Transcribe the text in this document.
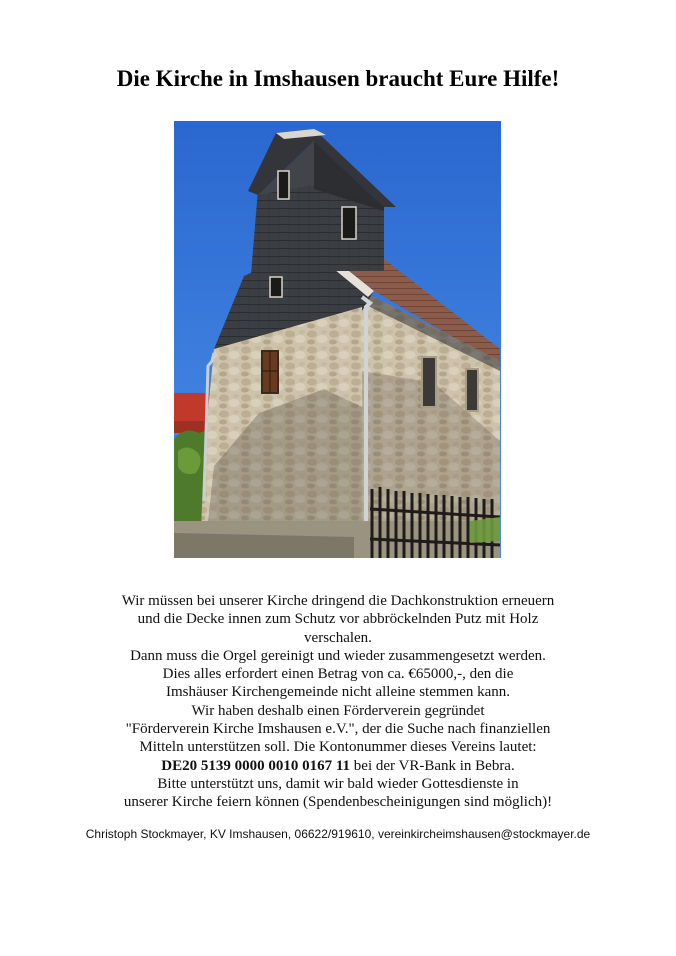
Die Kirche in Imshausen braucht Eure Hilfe!
Wir müssen bei unserer Kirche dringend die Dachkonstruktion erneuern
und die Decke innen zum Schutz vor abbröckelnden Putz mit Holz
verschalen.
Dann muss die Orgel gereinigt und wieder zusammengesetzt werden.
Dies alles erfordert einen Betrag von ca. €65000,-, den die
Imshäuser Kirchengemeinde nicht alleine stemmen kann.
Wir haben deshalb einen Förderverein gegründet
"Förderverein Kirche Imshausen e.V.", der die Suche nach finanziellen
Mitteln unterstützen soll. Die Kontonummer dieses Vereins lautet:
DE20 5139 0000 0010 0167 11 bei der VR-Bank in Bebra.
Bitte unterstützt uns, damit wir bald wieder Gottesdienste in
unserer Kirche feiern können (Spendenbescheinigungen sind möglich)!
Christoph Stockmayer, KV Imshausen, 06622/919610, vereinkircheimshausen@stockmayer.de
